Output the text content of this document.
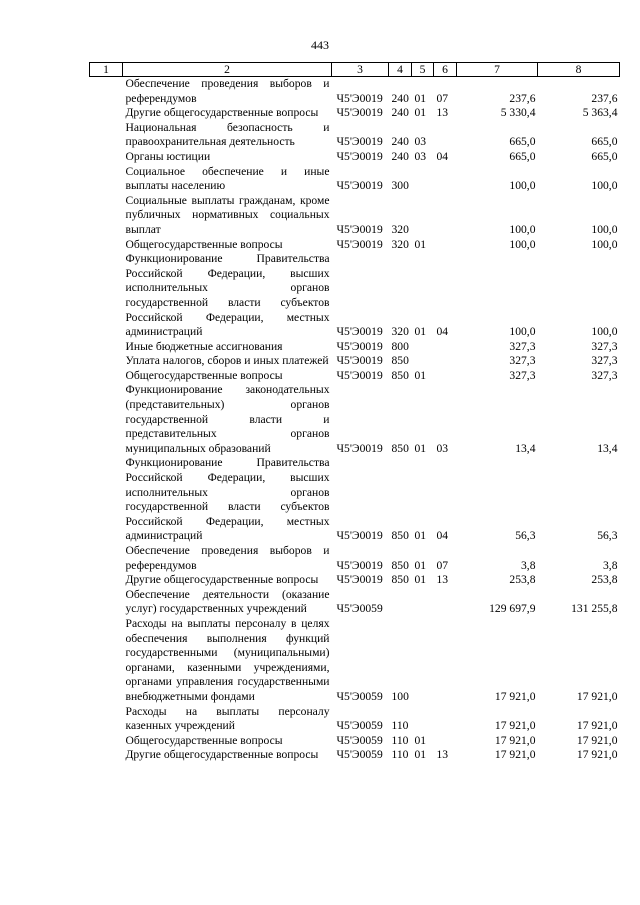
443
1	2	3	4	5	6	7	8
	Обеспечение проведения выборов и референдумов	Ч5'Э0019	240	01	07	237,6	237,6
	Другие общегосударственные вопросы	Ч5'Э0019	240	01	13	5 330,4	5 363,4
	Национальная безопасность и правоохранительная деятельность	Ч5'Э0019	240	03		665,0	665,0
	Органы юстиции	Ч5'Э0019	240	03	04	665,0	665,0
	Социальное обеспечение и иные выплаты населению	Ч5'Э0019	300			100,0	100,0
	Социальные выплаты гражданам, кроме публичных нормативных социальных выплат	Ч5'Э0019	320			100,0	100,0
	Общегосударственные вопросы	Ч5'Э0019	320	01		100,0	100,0
	Функционирование Правительства Российской Федерации, высших исполнительных органов государственной власти субъектов Российской Федерации, местных администраций	Ч5'Э0019	320	01	04	100,0	100,0
	Иные бюджетные ассигнования	Ч5'Э0019	800			327,3	327,3
	Уплата налогов, сборов и иных платежей	Ч5'Э0019	850			327,3	327,3
	Общегосударственные вопросы	Ч5'Э0019	850	01		327,3	327,3
	Функционирование законодательных (представительных) органов государственной власти и представительных органов муниципальных образований	Ч5'Э0019	850	01	03	13,4	13,4
	Функционирование Правительства Российской Федерации, высших исполнительных органов государственной власти субъектов Российской Федерации, местных администраций	Ч5'Э0019	850	01	04	56,3	56,3
	Обеспечение проведения выборов и референдумов	Ч5'Э0019	850	01	07	3,8	3,8
	Другие общегосударственные вопросы	Ч5'Э0019	850	01	13	253,8	253,8
	Обеспечение деятельности (оказание услуг) государственных учреждений	Ч5'Э0059				129 697,9	131 255,8
	Расходы на выплаты персоналу в целях обеспечения выполнения функций государственными (муниципальными) органами, казенными учреждениями, органами управления государственными внебюджетными фондами	Ч5'Э0059	100			17 921,0	17 921,0
	Расходы на выплаты персоналу казенных учреждений	Ч5'Э0059	110			17 921,0	17 921,0
	Общегосударственные вопросы	Ч5'Э0059	110	01		17 921,0	17 921,0
	Другие общегосударственные вопросы	Ч5'Э0059	110	01	13	17 921,0	17 921,0
